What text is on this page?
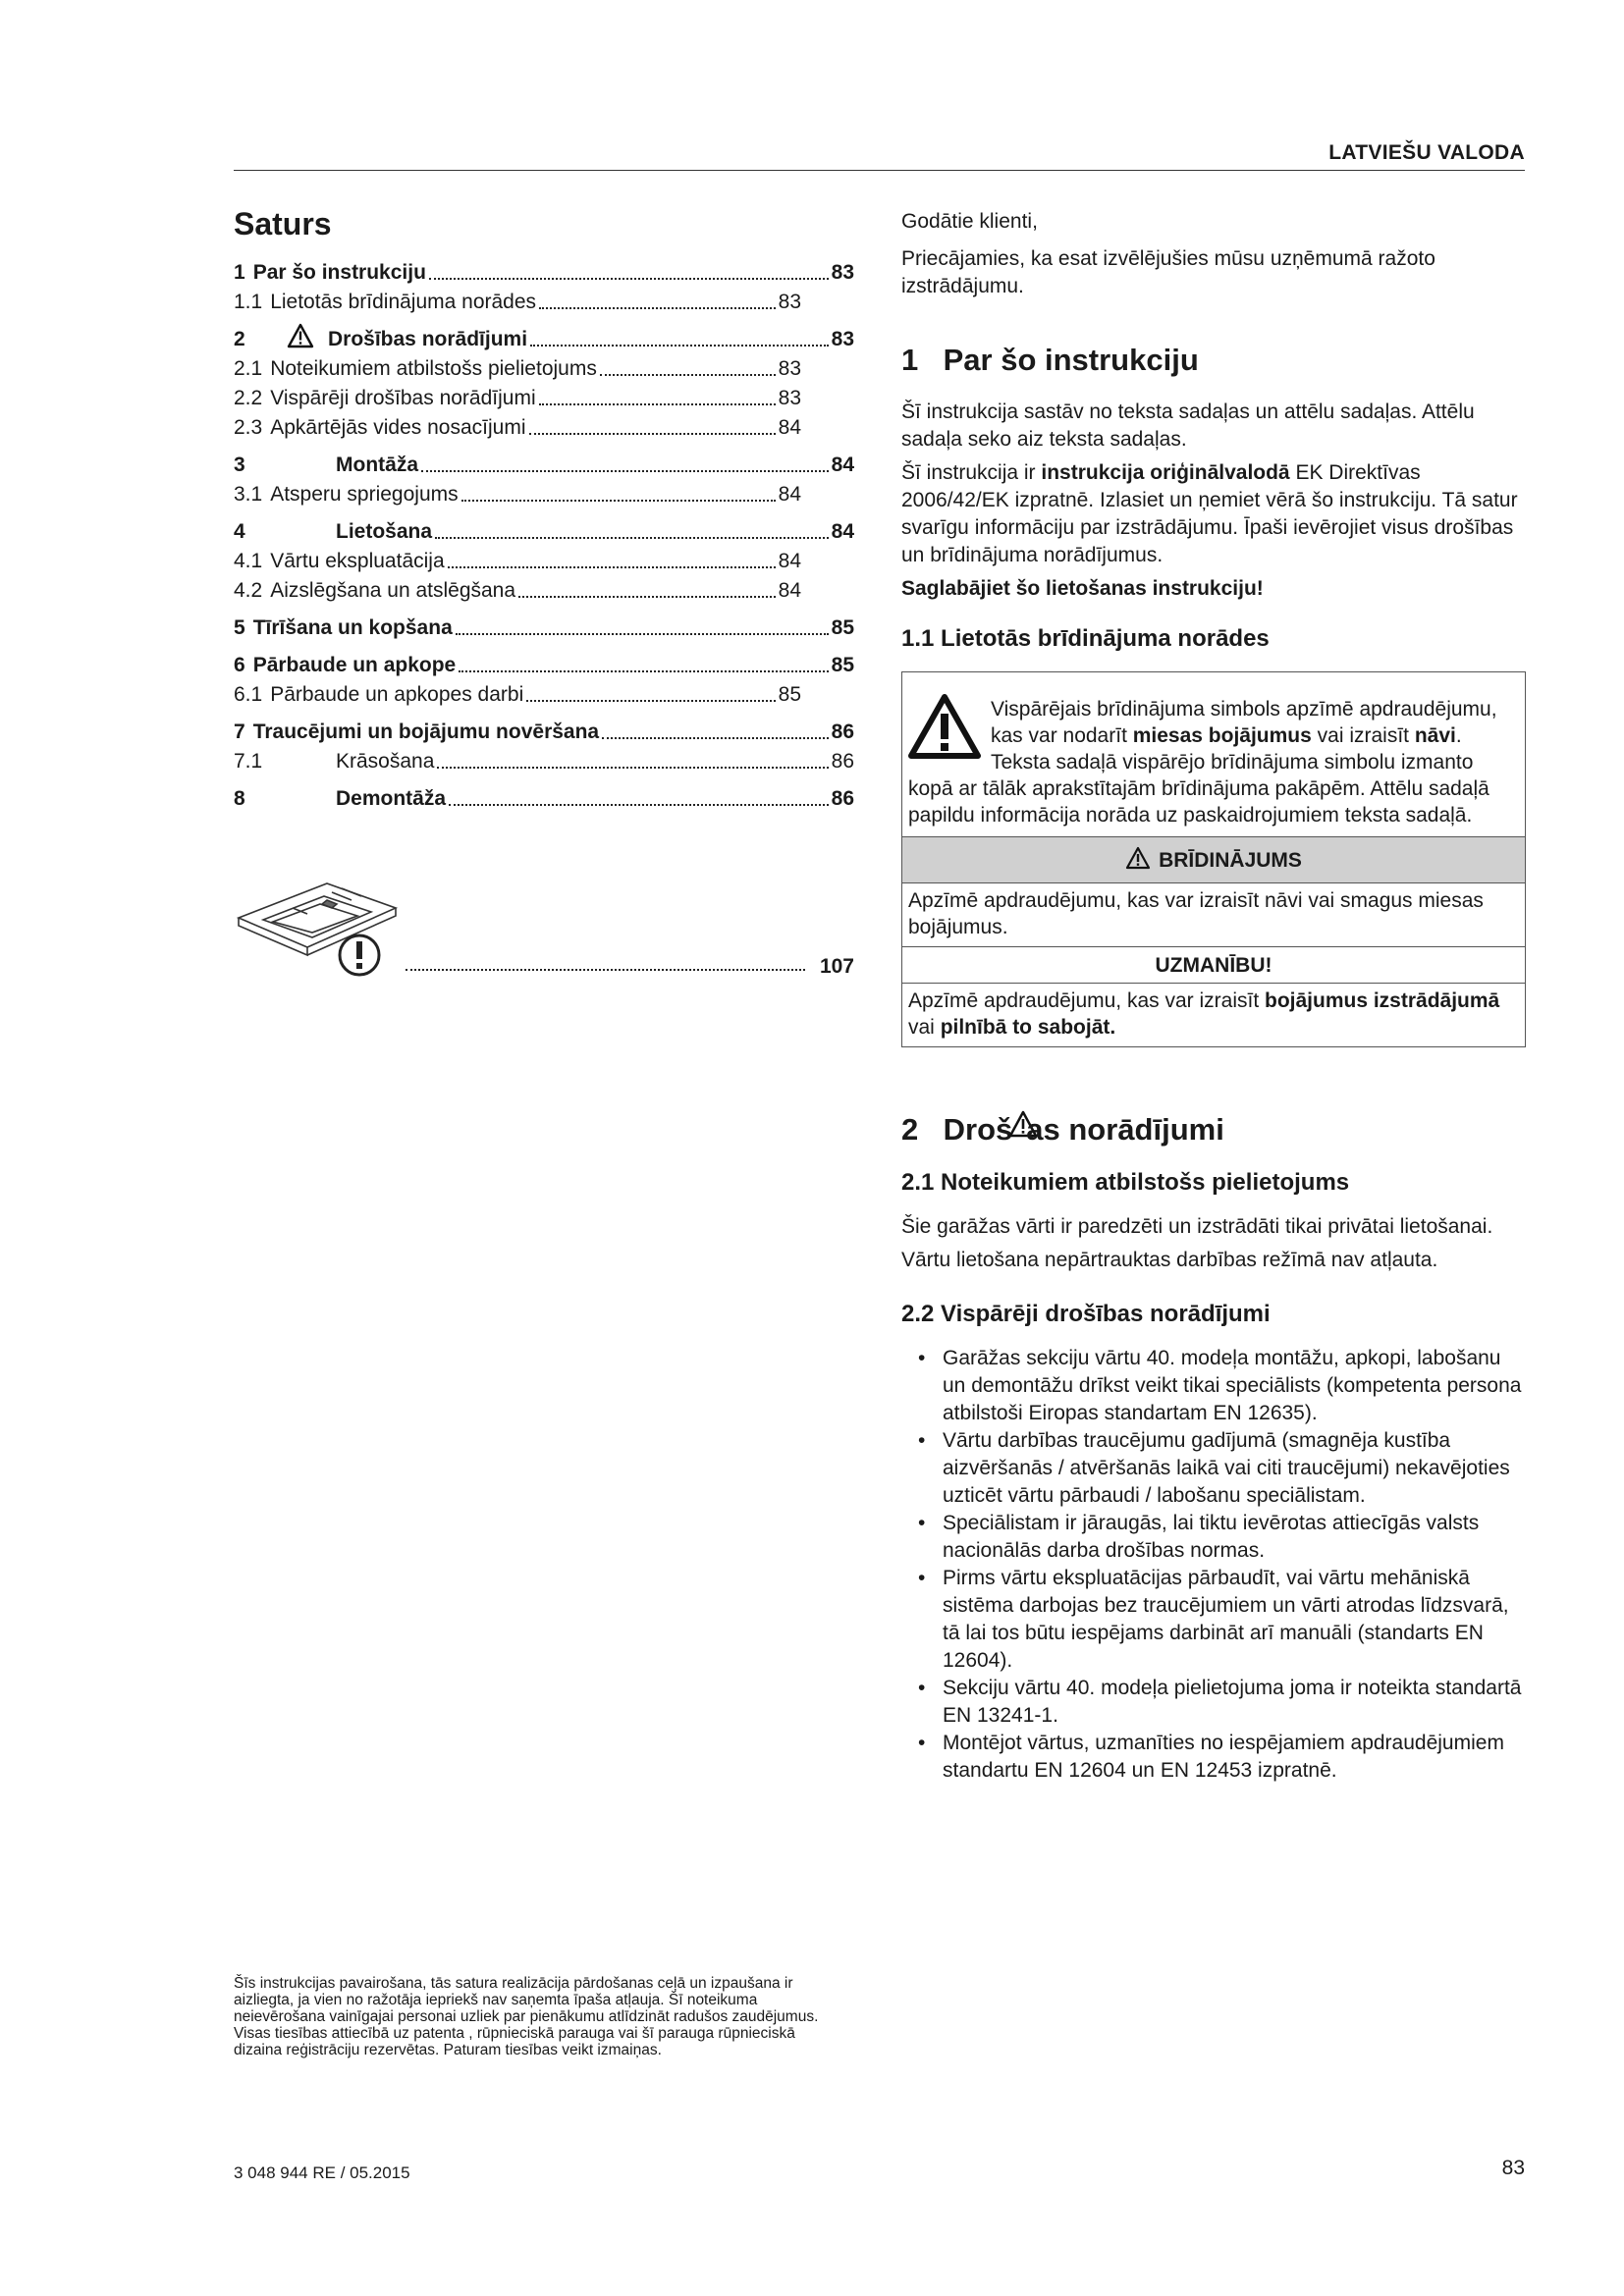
LATVIEŠU VALODA
Saturs
1 Par šo instrukciju	83
1.1 Lietotās brīdinājuma norādes	83
2	Drošības norādījumi	83
2.1 Noteikumiem atbilstošs pielietojums	83
2.2 Vispārēji drošības norādījumi	83
2.3 Apkārtējās vides nosacījumi	84
3	Montāža	84
3.1 Atsperu spriegojums	84
4	Lietošana	84
4.1 Vārtu ekspluatācija	84
4.2 Aizslēgšana un atslēgšana	84
5 Tīrīšana un kopšana	85
6 Pārbaude un apkope	85
6.1 Pārbaude un apkopes darbi	85
7 Traucējumi un bojājumu novēršana	86
7.1	Krāsošana	86
8	Demontāža	86
107
Šīs instrukcijas pavairošana, tās satura realizācija pārdošanas ceļā un izpaušana ir aizliegta, ja vien no ražotāja iepriekš nav saņemta īpaša atļauja. Šī noteikuma neievērošana vainīgajai personai uzliek par pienākumu atlīdzināt radušos zaudējumus. Visas tiesības attiecībā uz patenta , rūpnieciskā parauga vai šī parauga rūpnieciskā dizaina reģistrāciju rezervētas. Paturam tiesības veikt izmaiņas.
3 048 944 RE / 05.2015	83

Godātie klienti,

Priecājamies, ka esat izvēlējušies mūsu uzņēmumā ražoto izstrādājumu.

1 Par šo instrukciju

Šī instrukcija sastāv no teksta sadaļas un attēlu sadaļas. Attēlu sadaļa seko aiz teksta sadaļas.

Šī instrukcija ir instrukcija oriģinālvalodā EK Direktīvas 2006/42/EK izpratnē. Izlasiet un ņemiet vērā šo instrukciju. Tā satur svarīgu informāciju par izstrādājumu. Īpaši ievērojiet visus drošības un brīdinājuma norādījumus.

Saglabājiet šo lietošanas instrukciju!

1.1 Lietotās brīdinājuma norādes
Vispārējais brīdinājuma simbols apzīmē apdraudējumu, kas var nodarīt miesas bojājumus vai izraisīt nāvi. Teksta sadaļā vispārējo brīdinājuma simbolu izmanto kopā ar tālāk aprakstītajām brīdinājuma pakāpēm. Attēlu sadaļā papildu informācija norāda uz paskaidrojumiem teksta sadaļā.
BRĪDINĀJUMS
Apzīmē apdraudējumu, kas var izraisīt nāvi vai smagus miesas bojājumus.
UZMANĪBU!
Apzīmē apdraudējumu, kas var izraisīt bojājumus izstrādājumā vai pilnībā to sabojāt.
2 Droš as norādījumi
2.1 Noteikumiem atbilstošs pielietojums

Šie garāžas vārti ir paredzēti un izstrādāti tikai privātai lietošanai.

Vārtu lietošana nepārtrauktas darbības režīmā nav atļauta.

2.2 Vispārēji drošības norādījumi
• Garāžas sekciju vārtu 40. modeļa montāžu, apkopi, labošanu un demontāžu drīkst veikt tikai speciālists (kompetenta persona atbilstoši Eiropas standartam EN 12635).
• Vārtu darbības traucējumu gadījumā (smagnēja kustība aizvēršanās / atvēršanās laikā vai citi traucējumi) nekavējoties uzticēt vārtu pārbaudi / labošanu speciālistam.
• Speciālistam ir jāraugās, lai tiktu ievērotas attiecīgās valsts nacionālās darba drošības normas.
• Pirms vārtu ekspluatācijas pārbaudīt, vai vārtu mehāniskā sistēma darbojas bez traucējumiem un vārti atrodas līdzsvarā, tā lai tos būtu iespējams darbināt arī manuāli (standarts EN 12604).
• Sekciju vārtu 40. modeļa pielietojuma joma ir noteikta standartā EN 13241-1.
• Montējot vārtus, uzmanīties no iespējamiem apdraudējumiem standartu EN 12604 un EN 12453 izpratnē.
